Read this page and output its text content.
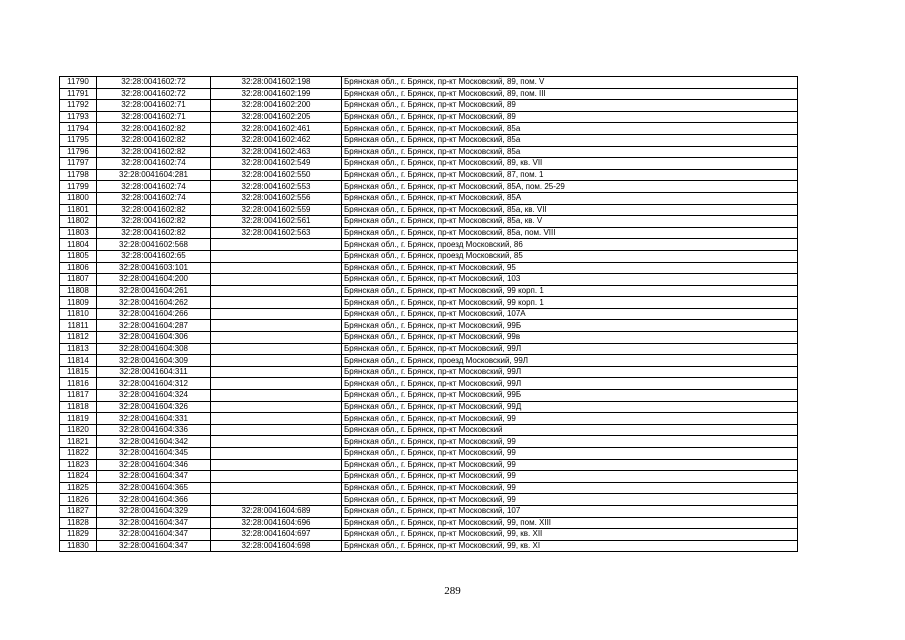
11790	32:28:0041602:72	32:28:0041602:198	Брянская обл., г. Брянск, пр-кт Московский, 89, пом. V
11791	32:28:0041602:72	32:28:0041602:199	Брянская обл., г. Брянск, пр-кт Московский, 89, пом. III
11792	32:28:0041602:71	32:28:0041602:200	Брянская обл., г. Брянск, пр-кт Московский, 89
11793	32:28:0041602:71	32:28:0041602:205	Брянская обл., г. Брянск, пр-кт Московский, 89
11794	32:28:0041602:82	32:28:0041602:461	Брянская обл., г. Брянск, пр-кт Московский, 85а
11795	32:28:0041602:82	32:28:0041602:462	Брянская обл., г. Брянск, пр-кт Московский, 85а
11796	32:28:0041602:82	32:28:0041602:463	Брянская обл., г. Брянск, пр-кт Московский, 85а
11797	32:28:0041602:74	32:28:0041602:549	Брянская обл., г. Брянск, пр-кт Московский, 89, кв. VII
11798	32:28:0041604:281	32:28:0041602:550	Брянская обл., г. Брянск, пр-кт Московский, 87, пом. 1
11799	32:28:0041602:74	32:28:0041602:553	Брянская обл., г. Брянск, пр-кт Московский, 85А, пом. 25-29
11800	32:28:0041602:74	32:28:0041602:556	Брянская обл., г. Брянск, пр-кт Московский, 85А
11801	32:28:0041602:82	32:28:0041602:559	Брянская обл., г. Брянск, пр-кт Московский, 85а, кв. VII
11802	32:28:0041602:82	32:28:0041602:561	Брянская обл., г. Брянск, пр-кт Московский, 85а, кв. V
11803	32:28:0041602:82	32:28:0041602:563	Брянская обл., г. Брянск, пр-кт Московский, 85а, пом. VIII
11804	32:28:0041602:568		Брянская обл., г. Брянск, проезд Московский, 86
11805	32:28:0041602:65		Брянская обл., г. Брянск, проезд Московский, 85
11806	32:28:0041603:101		Брянская обл., г. Брянск, пр-кт Московский, 95
11807	32:28:0041604:200		Брянская обл., г. Брянск, пр-кт Московский, 103
11808	32:28:0041604:261		Брянская обл., г. Брянск, пр-кт Московский, 99 корп. 1
11809	32:28:0041604:262		Брянская обл., г. Брянск, пр-кт Московский, 99 корп. 1
11810	32:28:0041604:266		Брянская обл., г. Брянск, пр-кт Московский, 107А
11811	32:28:0041604:287		Брянская обл., г. Брянск, пр-кт Московский, 99Б
11812	32:28:0041604:306		Брянская обл., г. Брянск, пр-кт Московский, 99в
11813	32:28:0041604:308		Брянская обл., г. Брянск, пр-кт Московский, 99Л
11814	32:28:0041604:309		Брянская обл., г. Брянск, проезд Московский, 99Л
11815	32:28:0041604:311		Брянская обл., г. Брянск, пр-кт Московский, 99Л
11816	32:28:0041604:312		Брянская обл., г. Брянск, пр-кт Московский, 99Л
11817	32:28:0041604:324		Брянская обл., г. Брянск, пр-кт Московский, 99Б
11818	32:28:0041604:326		Брянская обл., г. Брянск, пр-кт Московский, 99Д
11819	32:28:0041604:331		Брянская обл., г. Брянск, пр-кт Московский, 99
11820	32:28:0041604:336		Брянская обл., г. Брянск, пр-кт Московский
11821	32:28:0041604:342		Брянская обл., г. Брянск, пр-кт Московский, 99
11822	32:28:0041604:345		Брянская обл., г. Брянск, пр-кт Московский, 99
11823	32:28:0041604:346		Брянская обл., г. Брянск, пр-кт Московский, 99
11824	32:28:0041604:347		Брянская обл., г. Брянск, пр-кт Московский, 99
11825	32:28:0041604:365		Брянская обл., г. Брянск, пр-кт Московский, 99
11826	32:28:0041604:366		Брянская обл., г. Брянск, пр-кт Московский, 99
11827	32:28:0041604:329	32:28:0041604:689	Брянская обл., г. Брянск, пр-кт Московский, 107
11828	32:28:0041604:347	32:28:0041604:696	Брянская обл., г. Брянск, пр-кт Московский, 99, пом. XIII
11829	32:28:0041604:347	32:28:0041604:697	Брянская обл., г. Брянск, пр-кт Московский, 99, кв. XII
11830	32:28:0041604:347	32:28:0041604:698	Брянская обл., г. Брянск, пр-кт Московский, 99, кв. XI
289
